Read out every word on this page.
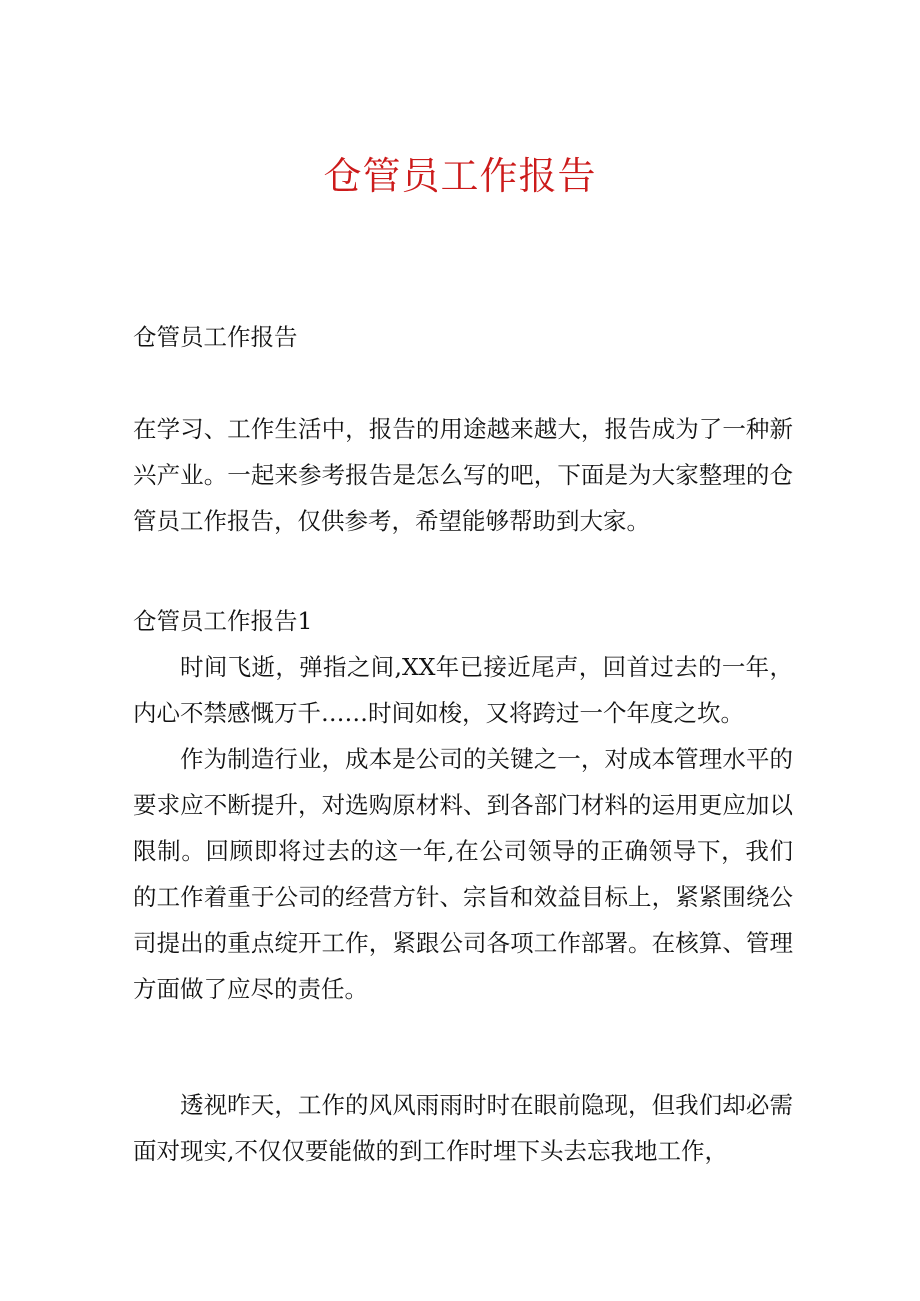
仓管员工作报告

仓管员工作报告

在学习、工作生活中，报告的用途越来越大，报告成为了一种新兴产业。一起来参考报告是怎么写的吧，下面是为大家整理的仓管员工作报告，仅供参考，希望能够帮助到大家。

仓管员工作报告1

时间飞逝，弹指之间,XX年已接近尾声，回首过去的一年，内心不禁感慨万千……时间如梭，又将跨过一个年度之坎。

作为制造行业，成本是公司的关键之一，对成本管理水平的要求应不断提升，对选购原材料、到各部门材料的运用更应加以限制。回顾即将过去的这一年,在公司领导的正确领导下，我们的工作着重于公司的经营方针、宗旨和效益目标上，紧紧围绕公司提出的重点绽开工作，紧跟公司各项工作部署。在核算、管理方面做了应尽的责任。

透视昨天，工作的风风雨雨时时在眼前隐现，但我们却必需面对现实,不仅仅要能做的到工作时埋下头去忘我地工作，
